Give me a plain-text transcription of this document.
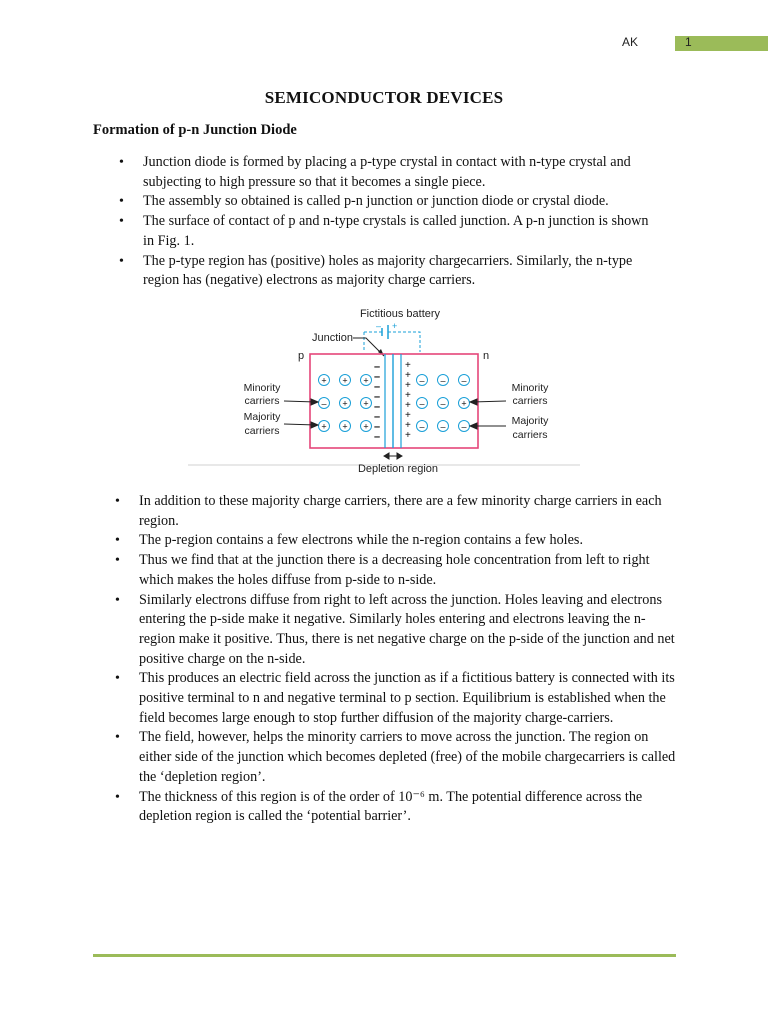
AK	1
SEMICONDUCTOR DEVICES
Formation of p-n Junction Diode
• Junction diode is formed by placing a p-type crystal in contact with n-type crystal and subjecting to high pressure so that it becomes a single piece.
• The assembly so obtained is called p-n junction or junction diode or crystal diode.
• The surface of contact of p and n-type crystals is called junction. A p-n junction is shown in Fig. 1.
• The p-type region has (positive) holes as majority chargecarriers. Similarly, the n-type region has (negative) electrons as majority charge carriers.
Fictitious battery
– +
Junction
p	n
–
–
–
–
–
–
–
–
+
+
+
+
+
+
+
+
+ + +
– + +
+ + +
– – –
– – +
– – –
Minority
carriers
Majority
carriers
Minority
carriers
Majority
carriers
Depletion region
• In addition to these majority charge carriers, there are a few minority charge carriers in each region.
• The p-region contains a few electrons while the n-region contains a few holes.
• Thus we find that at the junction there is a decreasing hole concentration from left to right which makes the holes diffuse from p-side to n-side.
• Similarly electrons diffuse from right to left across the junction. Holes leaving and electrons entering the p-side make it negative. Similarly holes entering and electrons leaving the n-region make it positive. Thus, there is net negative charge on the p-side of the junction and net positive charge on the n-side.
• This produces an electric field across the junction as if a fictitious battery is connected with its positive terminal to n and negative terminal to p section. Equilibrium is established when the field becomes large enough to stop further diffusion of the majority charge-carriers.
• The field, however, helps the minority carriers to move across the junction. The region on either side of the junction which becomes depleted (free) of the mobile chargecarriers is called the ‘depletion region’.
• The thickness of this region is of the order of 10⁻⁶ m. The potential difference across the depletion region is called the ‘potential barrier’.
